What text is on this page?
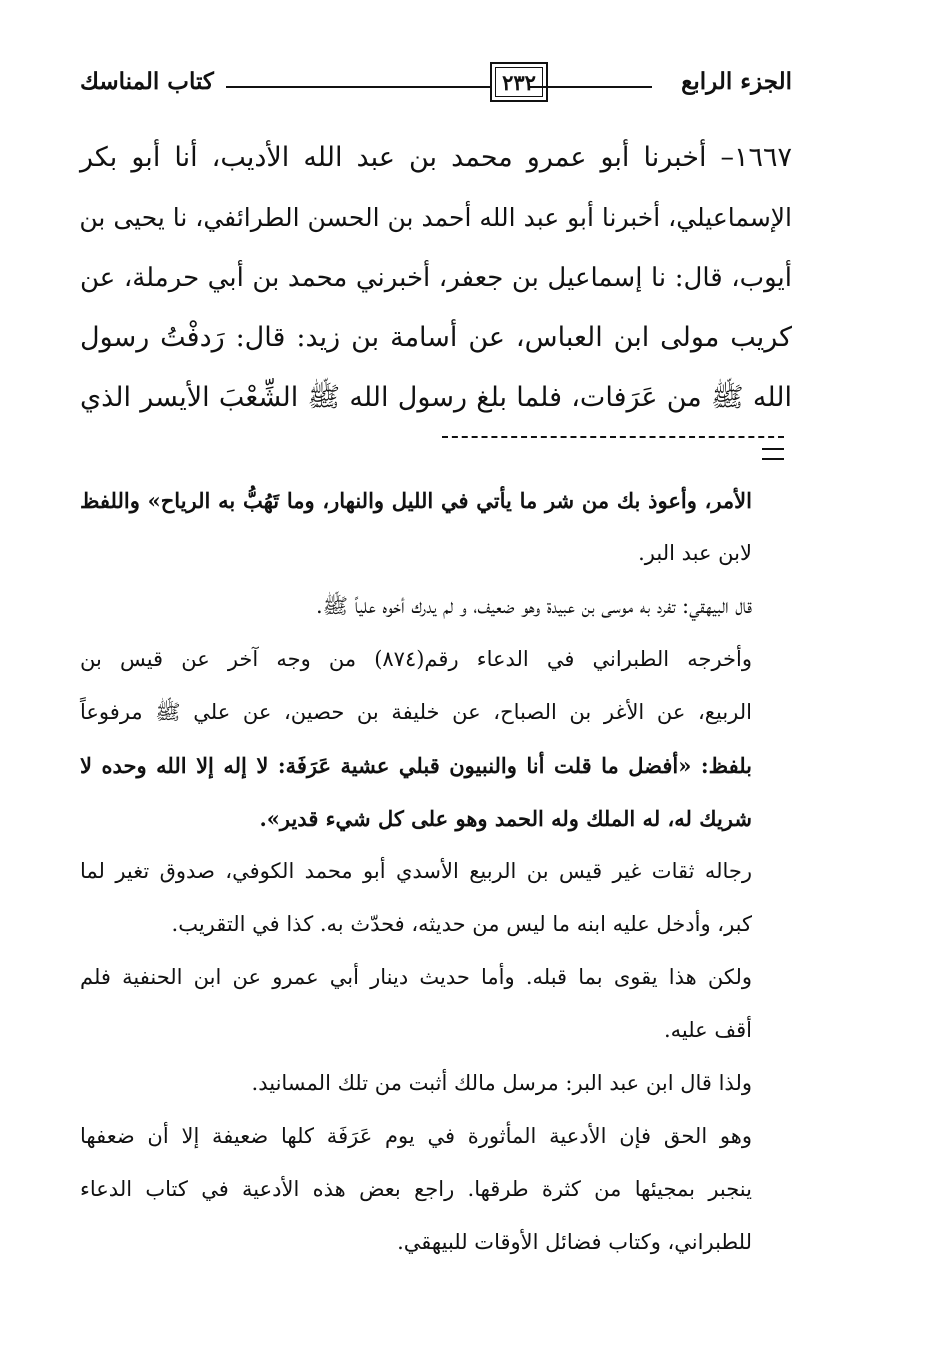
الجزء الرابع
٢٣٢
كتاب المناسك
١٦٦٧– أخبرنا أبو عمرو محمد بن عبد الله الأديب، أنا أبو بكر
الإسماعيلي، أخبرنا أبو عبد الله أحمد بن الحسن الطرائفي، نا يحيى بن
أيوب، قال: نا إسماعيل بن جعفر، أخبرني محمد بن أبي حرملة، عن
كريب مولى ابن العباس، عن أسامة بن زيد: قال: رَدفْتُ رسول
الله ﷺ من عَرَفات، فلما بلغ رسول الله ﷺ الشِّعْبَ الأيسر الذي
الأمر، وأعوذ بك من شر ما يأتي في الليل والنهار، وما تَهُبُّ به الرياح» واللفظ
لابن عبد البر.
قال البيهقي: تفرد به موسى بن عبيدة وهو ضعيف، و لم يدرك أخوه علياً ﷺ.
وأخرجه الطبراني في الدعاء رقم(٨٧٤) من وجه آخر عن قيس بن
الربيع، عن الأغر بن الصباح، عن خليفة بن حصين، عن علي ﷺ مرفوعاً
بلفظ: «أفضل ما قلت أنا والنبيون قبلي عشية عَرَفَة: لا إله إلا الله وحده لا
شريك له، له الملك وله الحمد وهو على كل شيء قدير».
رجاله ثقات غير قيس بن الربيع الأسدي أبو محمد الكوفي، صدوق تغير لما
كبر، وأدخل عليه ابنه ما ليس من حديثه، فحدّث به. كذا في التقريب.
ولكن هذا يقوى بما قبله. وأما حديث دينار أبي عمرو عن ابن الحنفية فلم
أقف عليه.
ولذا قال ابن عبد البر: مرسل مالك أثبت من تلك المسانيد.
وهو الحق فإن الأدعية المأثورة في يوم عَرَفَة كلها ضعيفة إلا أن ضعفها
ينجبر بمجيئها من كثرة طرقها. راجع بعض هذه الأدعية في كتاب الدعاء
للطبراني، وكتاب فضائل الأوقات للبيهقي.
